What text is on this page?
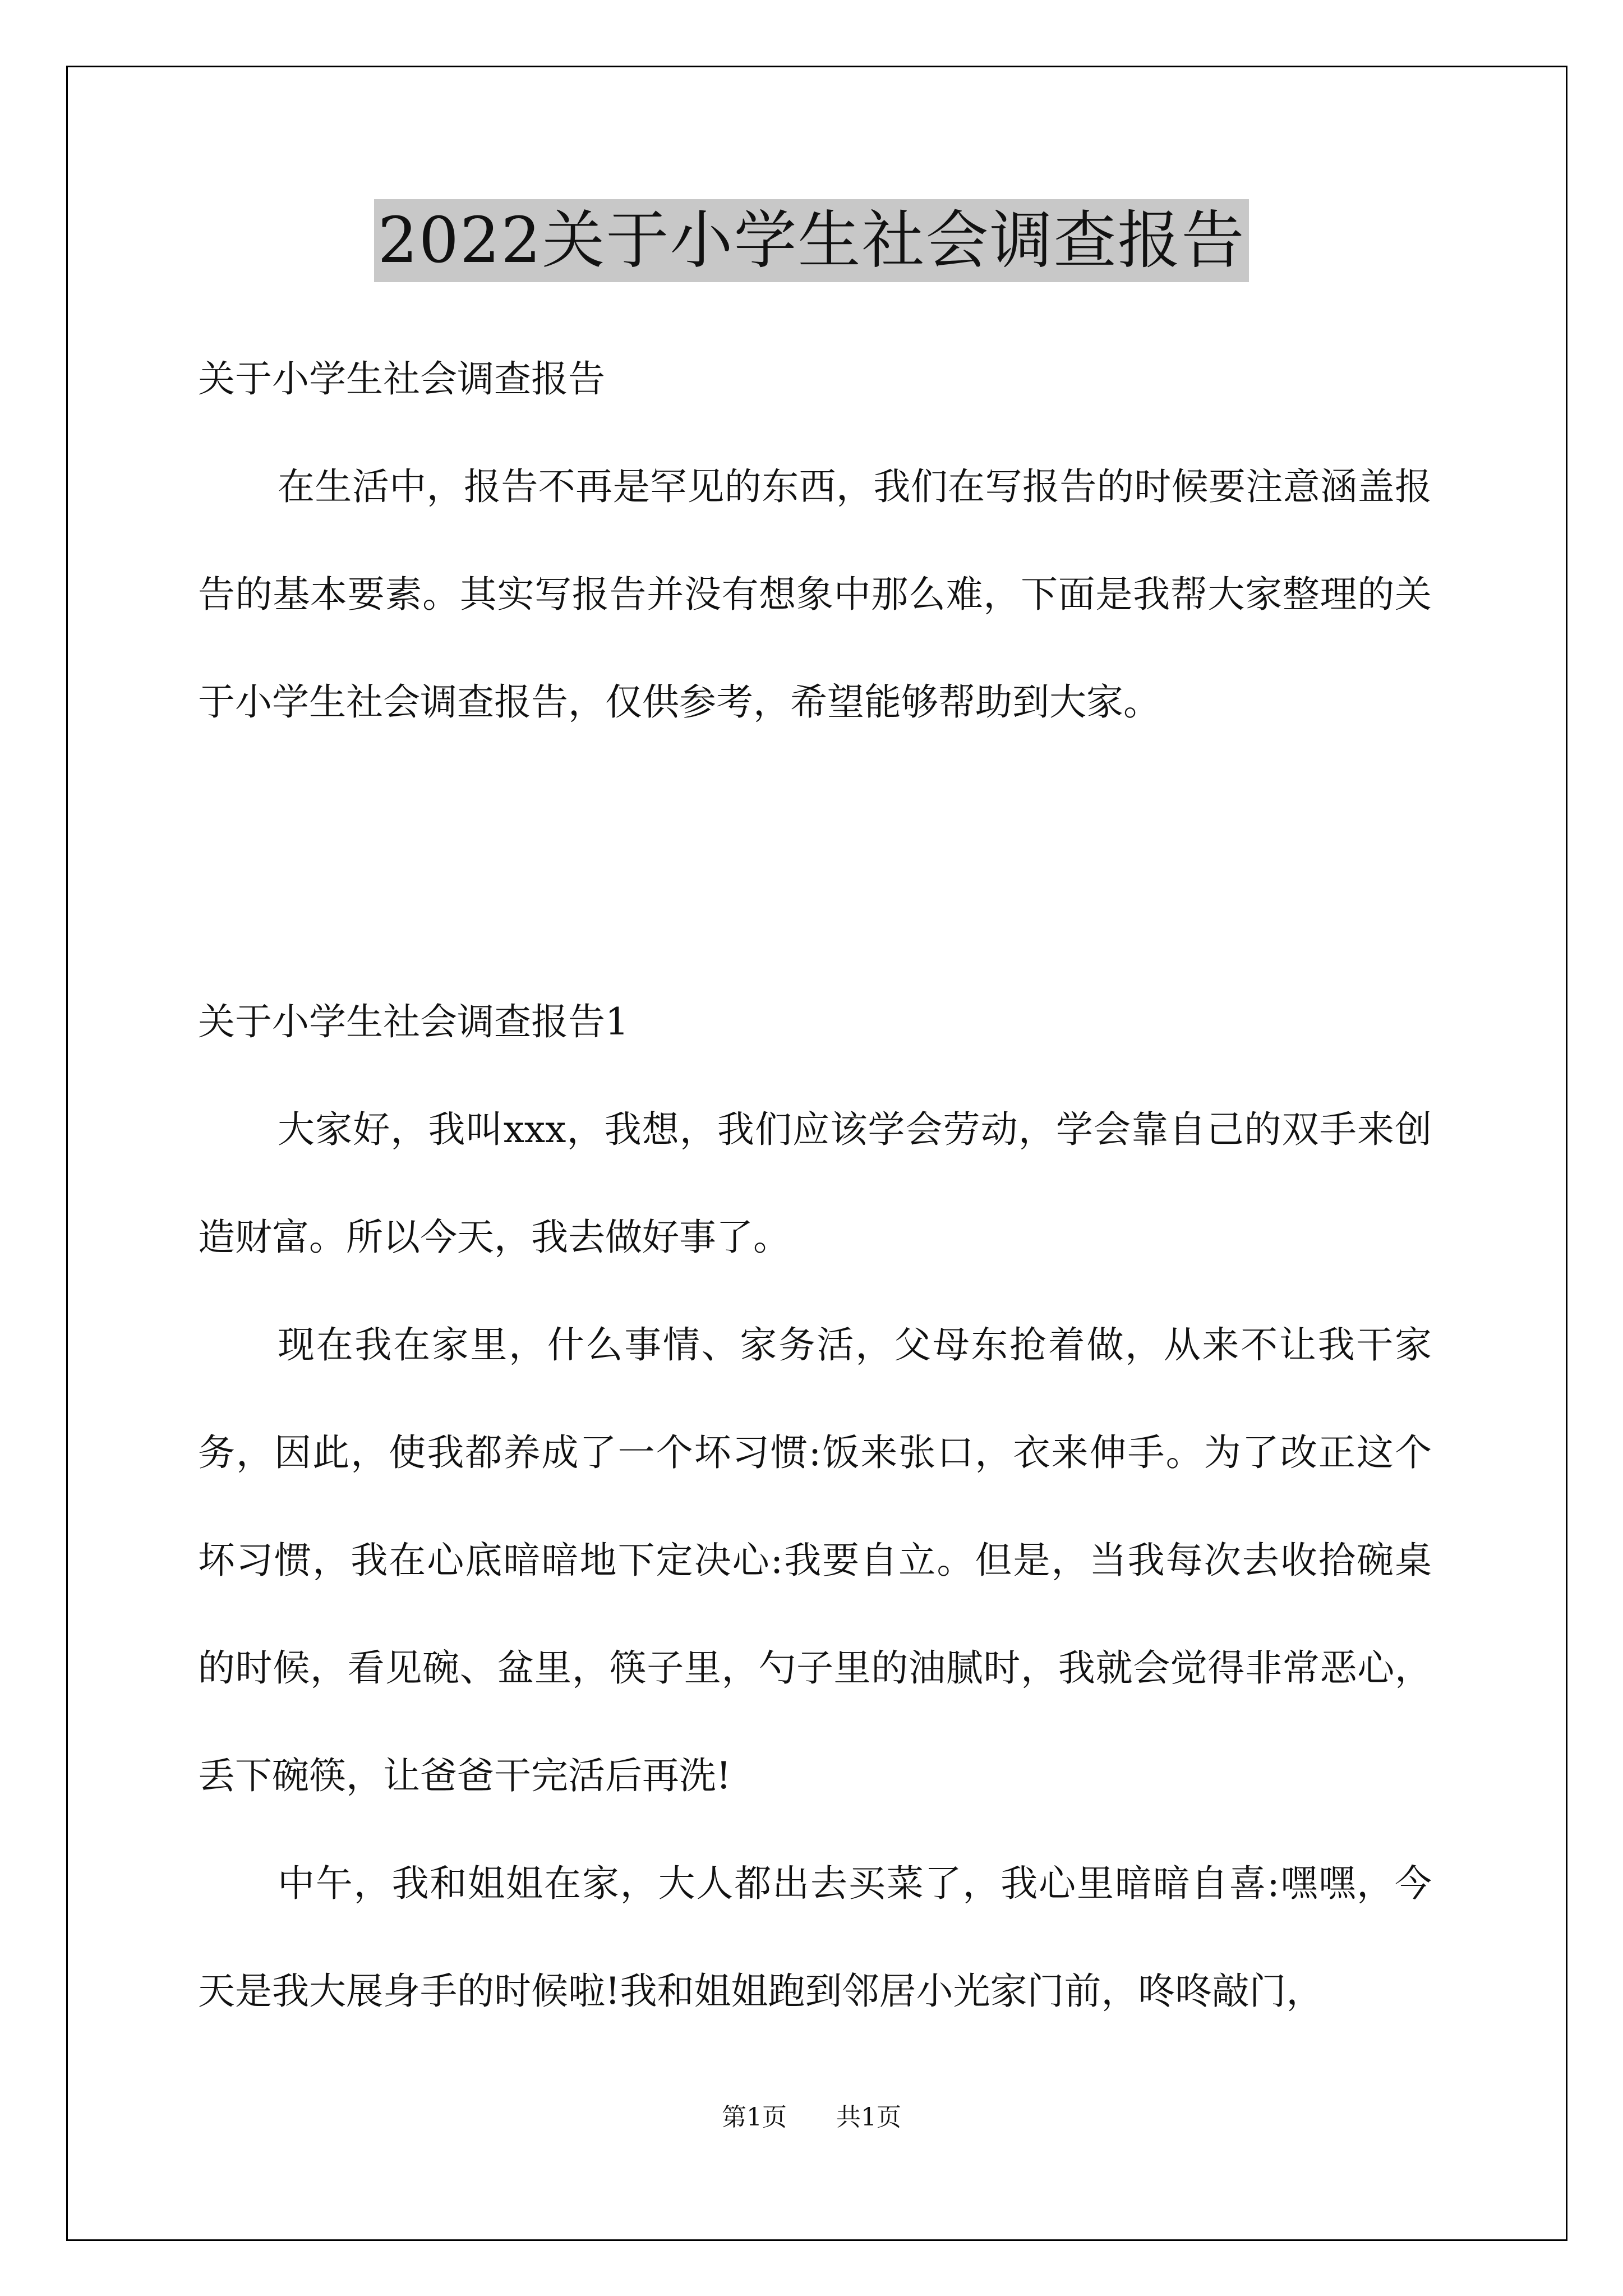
2022关于小学生社会调查报告

关于小学生社会调查报告

在生活中，报告不再是罕见的东西，我们在写报告的时候要注意涵盖报告的基本要素。其实写报告并没有想象中那么难，下面是我帮大家整理的关于小学生社会调查报告，仅供参考，希望能够帮助到大家。

关于小学生社会调查报告1

大家好，我叫xxx，我想，我们应该学会劳动，学会靠自己的双手来创造财富。所以今天，我去做好事了。

现在我在家里，什么事情、家务活，父母东抢着做，从来不让我干家务，因此，使我都养成了一个坏习惯:饭来张口，衣来伸手。为了改正这个坏习惯，我在心底暗暗地下定决心:我要自立。但是，当我每次去收拾碗桌的时候，看见碗、盆里，筷子里，勺子里的油腻时，我就会觉得非常恶心，丢下碗筷，让爸爸干完活后再洗!

中午，我和姐姐在家，大人都出去买菜了，我心里暗暗自喜:嘿嘿，今天是我大展身手的时候啦!我和姐姐跑到邻居小光家门前，咚咚敲门，

第1页 共1页
